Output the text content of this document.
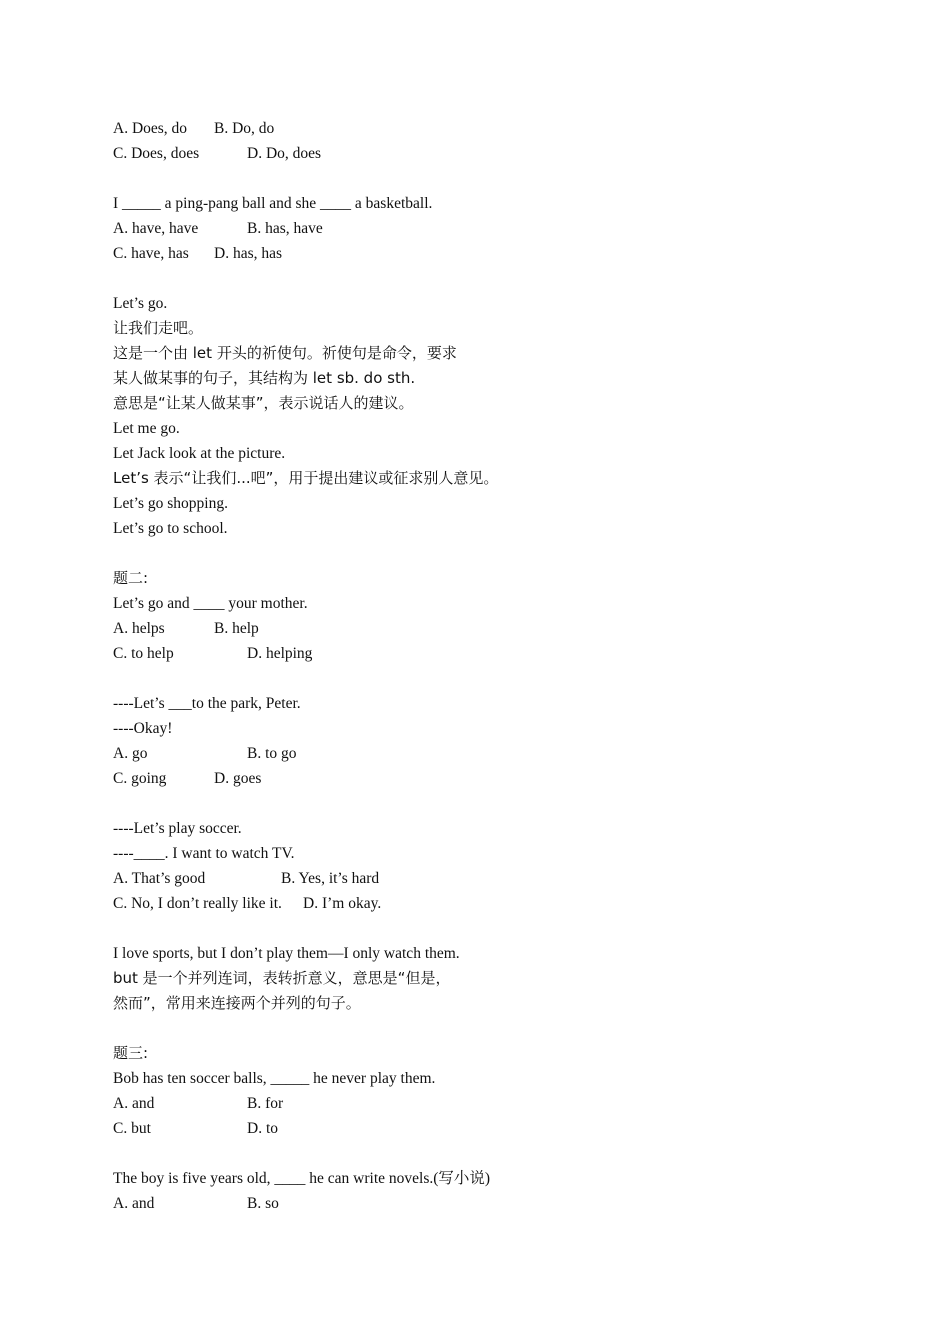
A. Does, do

B. Do, do

C. Does, does

	D. Do, does

I _____ a ping-pang ball and she ____ a basketball.

A. have, have

	B. has, have

C. have, has

D. has, has

Let’s go.
让我们走吧。
这是一个由 let 开头的祈使句。祈使句是命令，要求
某人做某事的句子，其结构为 let sb. do sth.
意思是“让某人做某事”，表示说话人的建议。
Let me go.
Let Jack look at the picture.
Let’s 表示“让我们...吧”，用于提出建议或征求别人意见。
Let’s go shopping.
Let’s go to school.
题二:
Let’s go and ____ your mother.

A. helps

	B. help

C. to help

	D. helping

----Let’s ___to the park, Peter.
----Okay!

A. go

	B. to go

C. going

	D. goes

----Let’s play soccer.
----____. I want to watch TV.

A. That’s good

	B. Yes, it’s hard

C. No, I don’t really like it.

D. I’m okay.

I love sports, but I don’t play them—I only watch them.
but 是一个并列连词，表转折意义，意思是“但是，
然而”，常用来连接两个并列的句子。
题三:
Bob has ten soccer balls, _____ he never play them.

A. and

	B. for

C. but

	D. to

The boy is five years old, ____ he can write novels.(写小说)

A. and

	B. so
